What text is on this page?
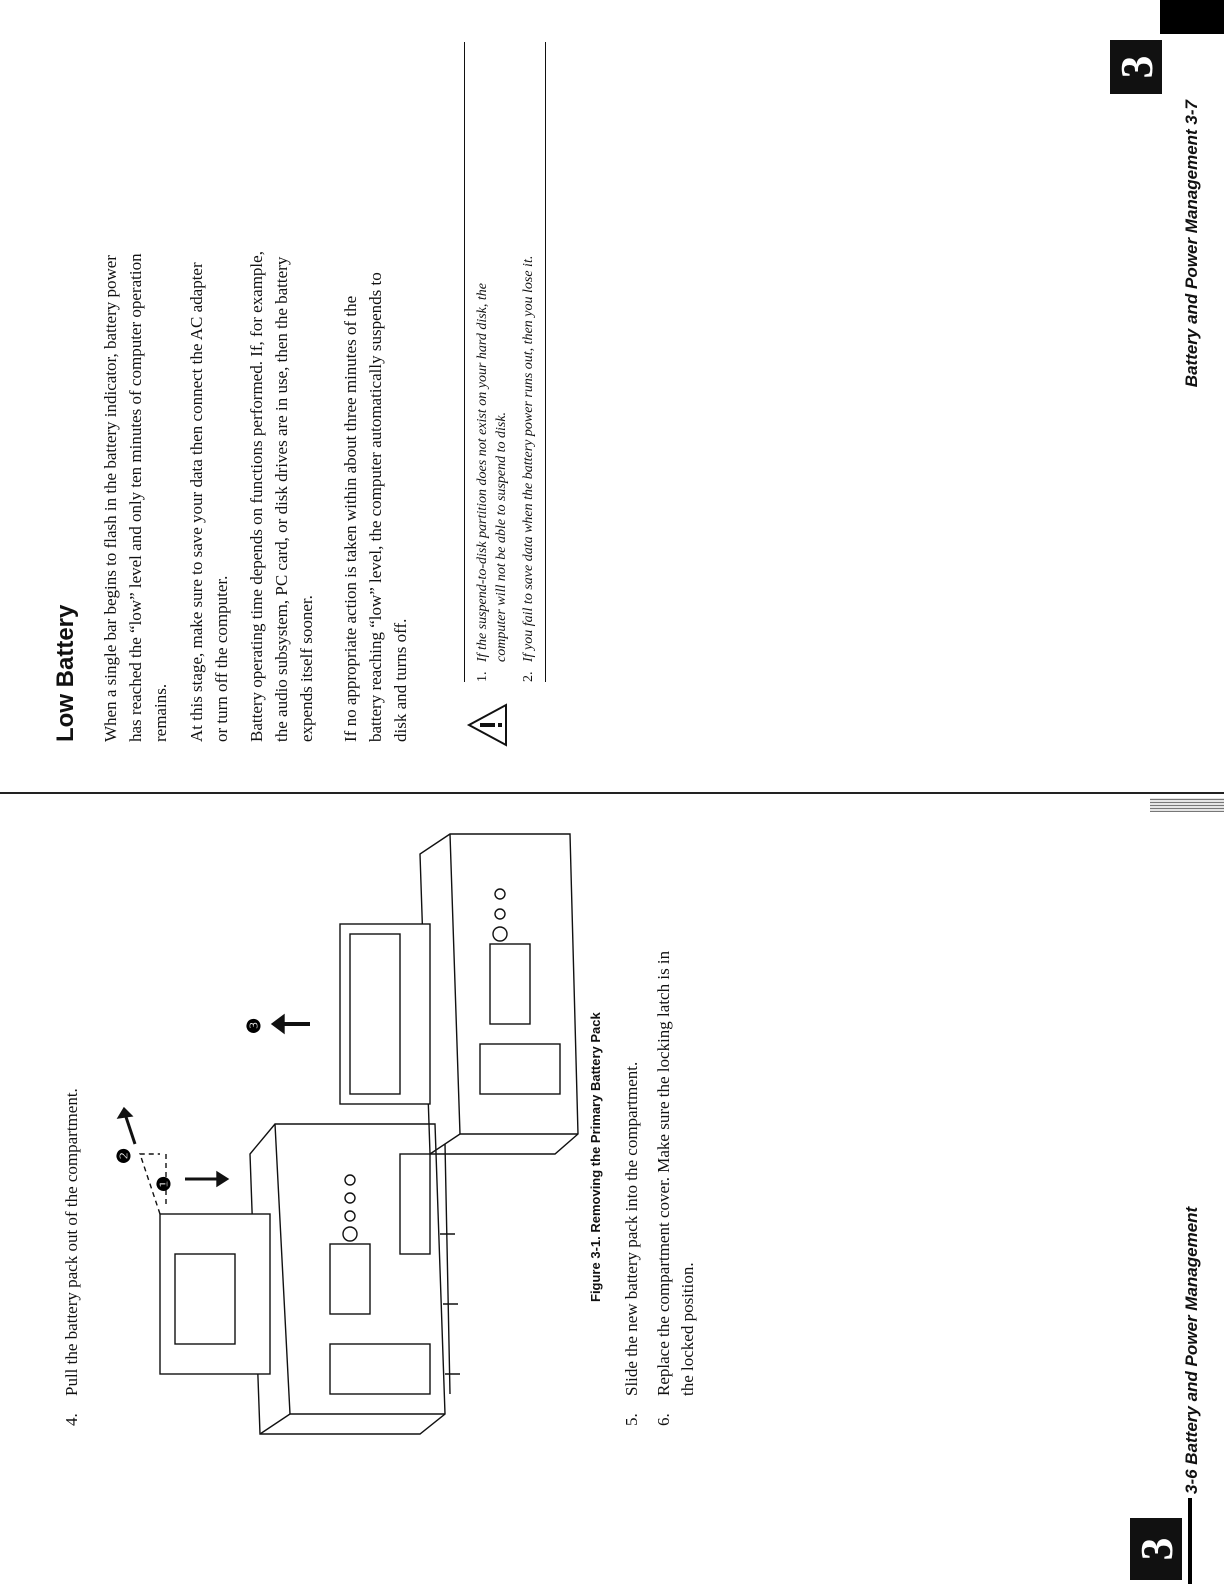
3
4.
Pull the battery pack out of the compartment.	❶
❷
❸	Figure 3-1. Removing the Primary Battery Pack
5.
Slide the new battery pack into the compartment.
6.
Replace the compartment cover. Make sure the locking latch is in the locked position.	3-6 Battery and Power Management
Low Battery When a single bar begins to flash in the battery indicator, battery power has reached the “low” level and only ten minutes of computer operation remains. At this stage, make sure to save your data then connect the AC adapter or turn off the computer. Battery operating time depends on functions performed. If, for example, the audio subsystem, PC card, or disk drives are in use, then the battery expends itself sooner. If no appropriate action is taken within about three minutes of the battery reaching “low” level, the computer automatically suspends to disk and turns off.	1.
If the suspend-to-disk partition does not exist on your hard disk, the computer will not be able to suspend to disk.
2.
If you fail to save data when the battery power runs out, then you lose it.
Battery and Power Management 3-7
3
